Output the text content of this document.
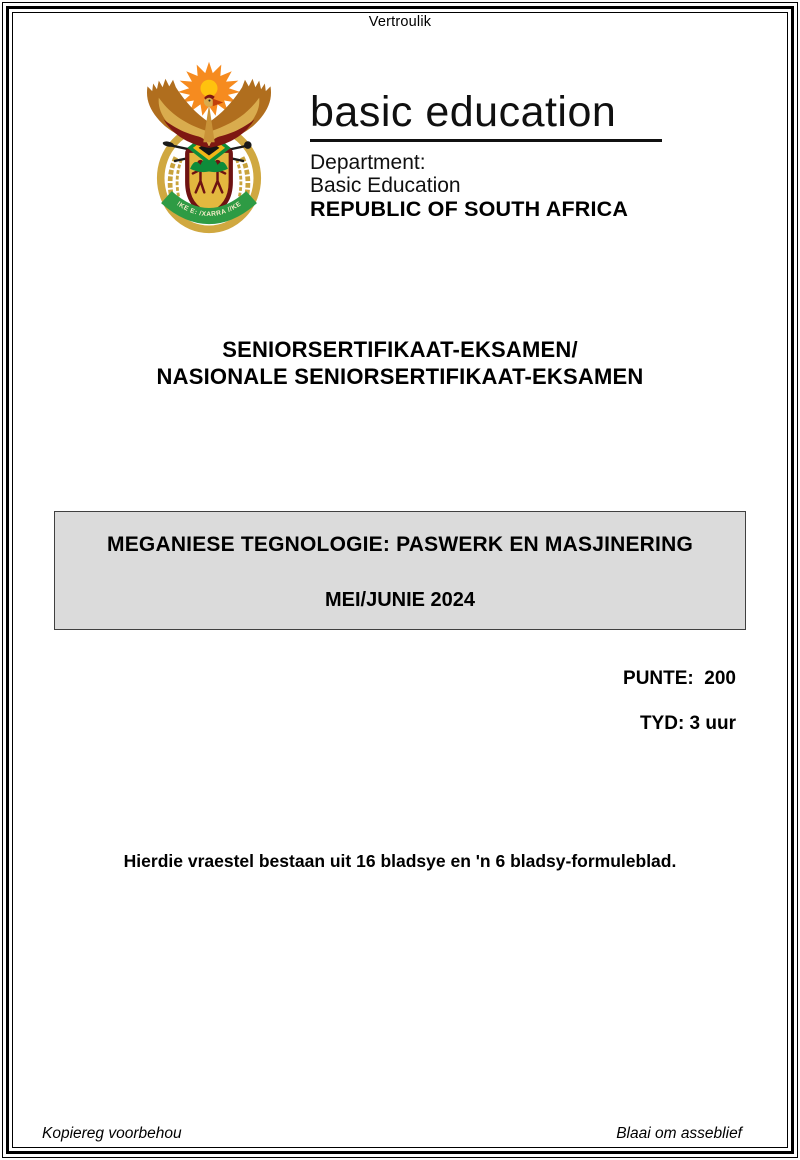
Vertroulik
!KE E: /XARRA //KE
basic education
Department:
Basic Education
REPUBLIC OF SOUTH AFRICA
SENIORSERTIFIKAAT-EKSAMEN/
NASIONALE SENIORSERTIFIKAAT-EKSAMEN
MEGANIESE TEGNOLOGIE: PASWERK EN MASJINERING
MEI/JUNIE 2024
PUNTE:  200
TYD: 3 uur
Hierdie vraestel bestaan uit 16 bladsye en 'n 6 bladsy-formuleblad.
Kopiereg voorbehou	Blaai om asseblief
